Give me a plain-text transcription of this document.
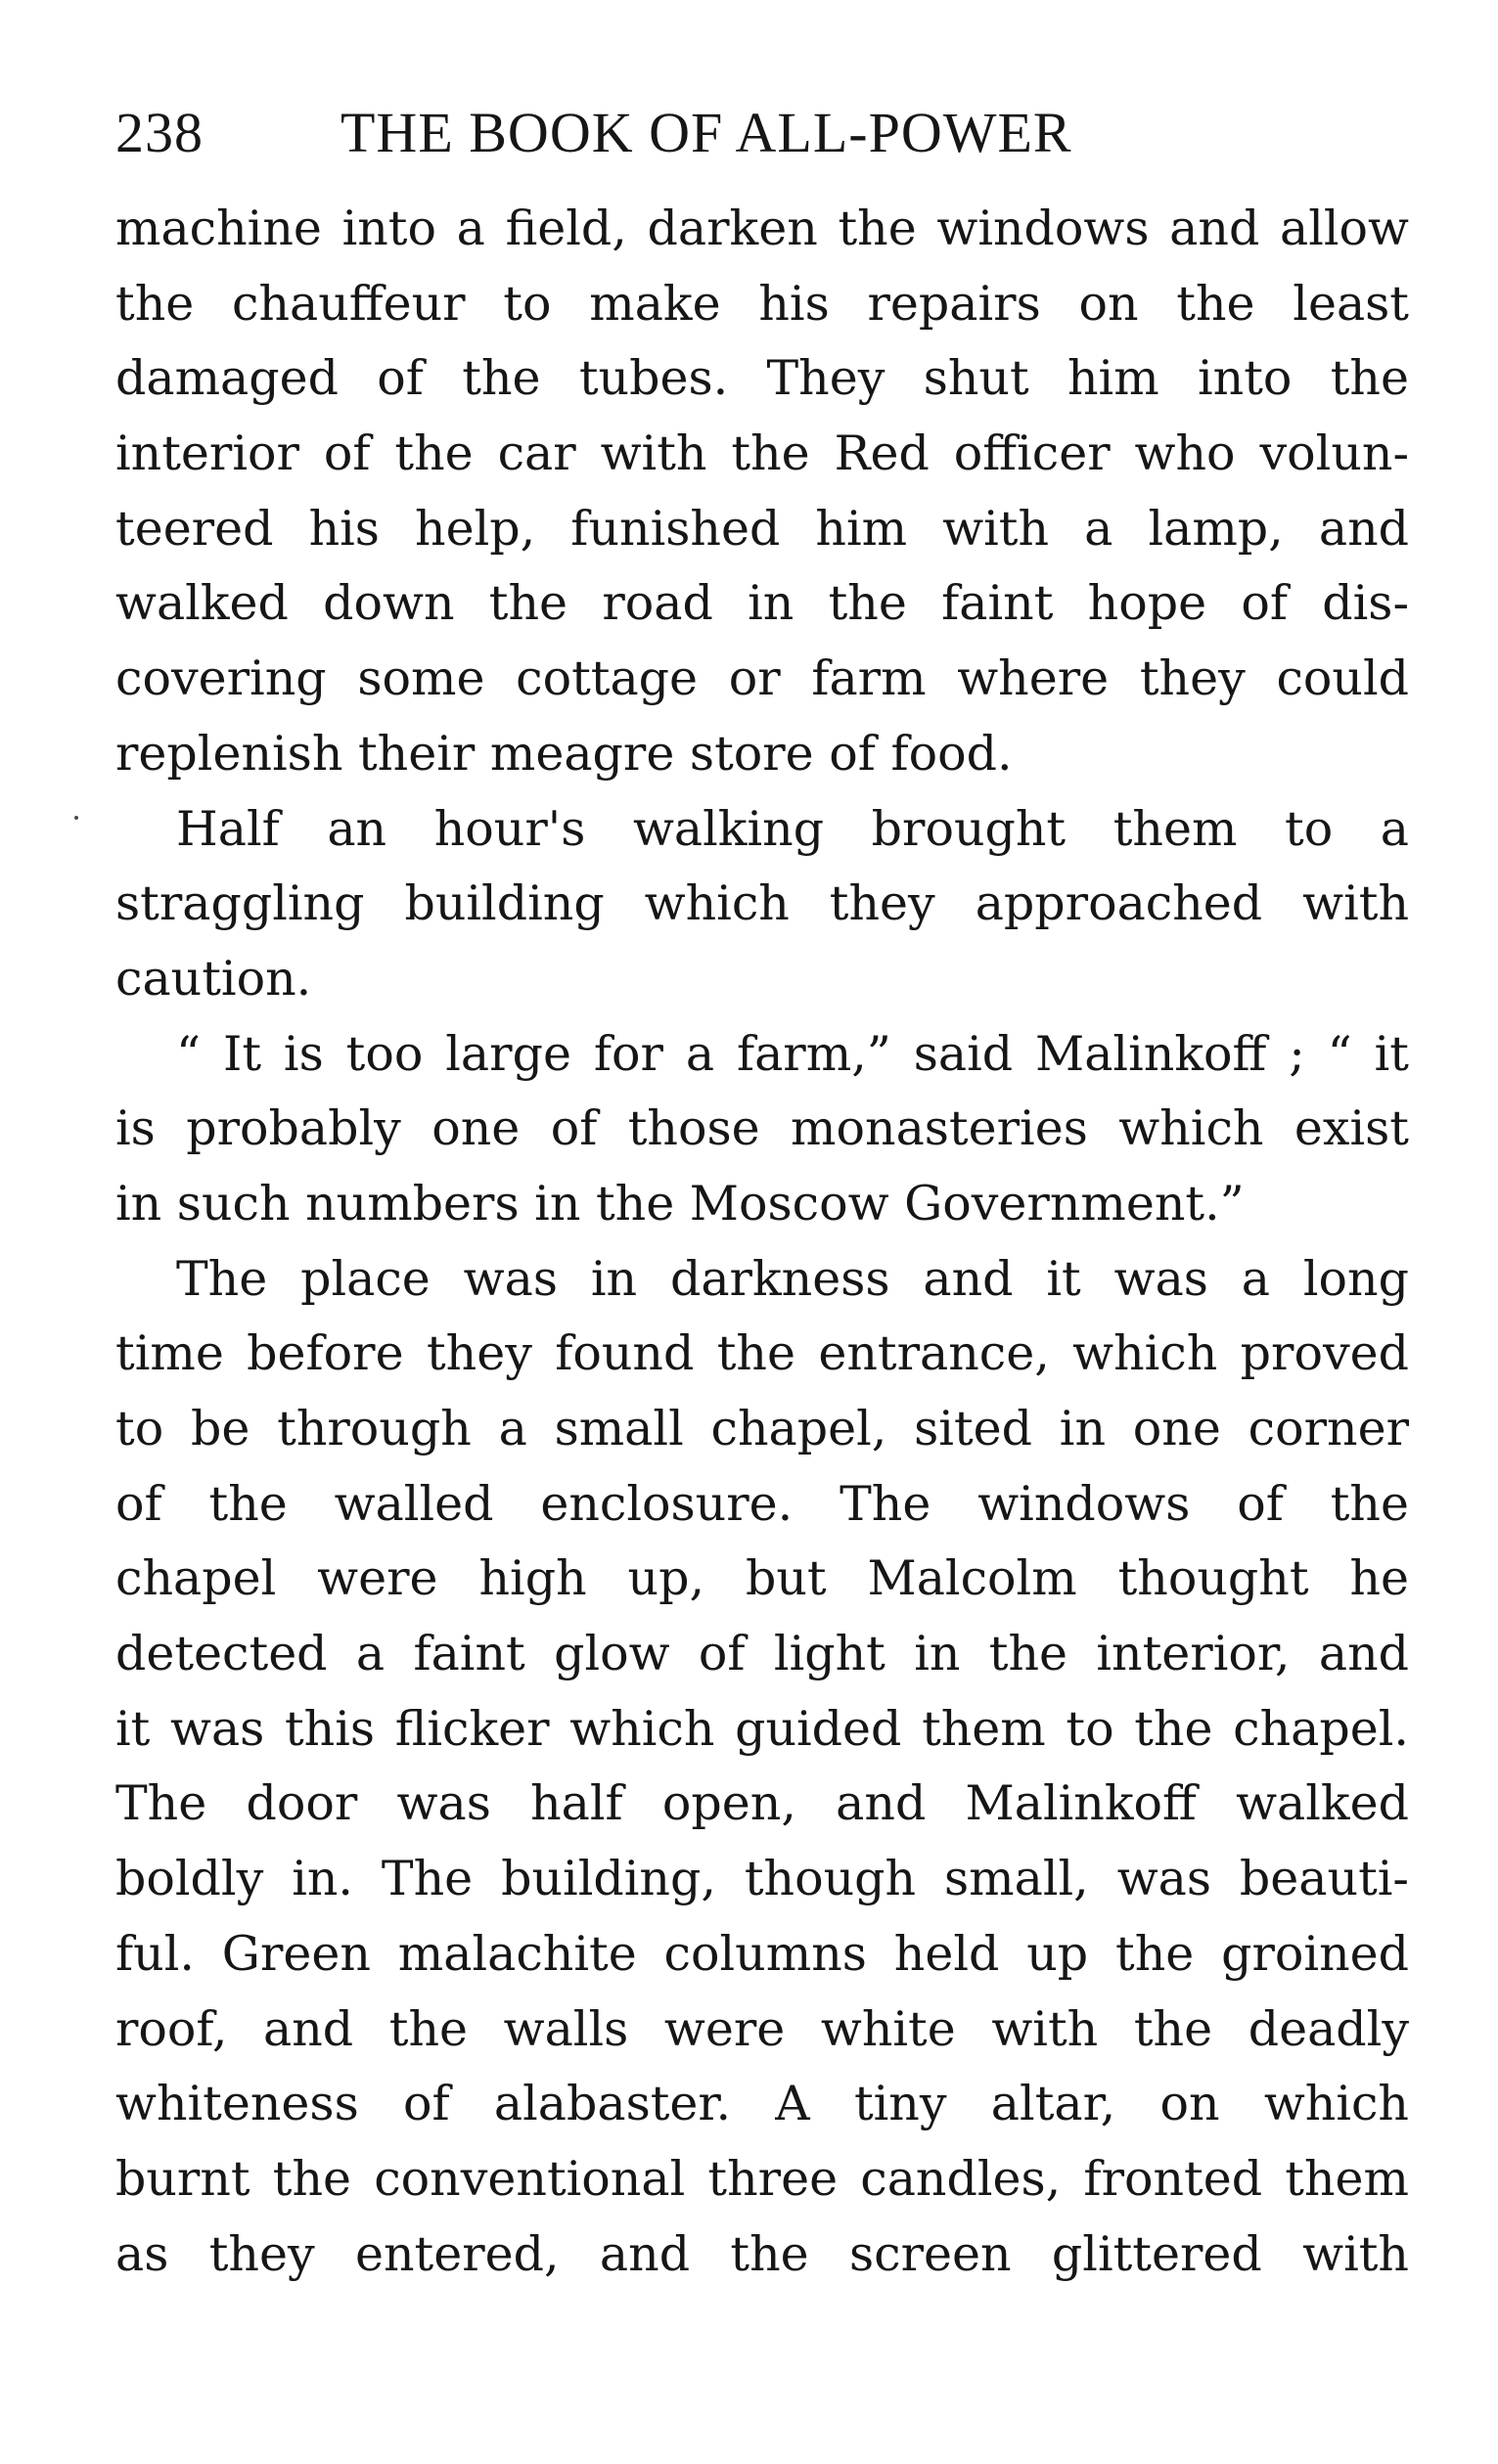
238 THE BOOK OF ALL-POWER
machine into a field, darken the windows and allow
the chauffeur to make his repairs on the least
damaged of the tubes. They shut him into the
interior of the car with the Red officer who volun-
teered his help, funished him with a lamp, and
walked down the road in the faint hope of dis-
covering some cottage or farm where they could
replenish their meagre store of food.
Half an hour's walking brought them to a
straggling building which they approached with
caution.
“ It is too large for a farm,” said Malinkoff ; “ it
is probably one of those monasteries which exist
in such numbers in the Moscow Government.”
The place was in darkness and it was a long
time before they found the entrance, which proved
to be through a small chapel, sited in one corner
of the walled enclosure. The windows of the
chapel were high up, but Malcolm thought he
detected a faint glow of light in the interior, and
it was this flicker which guided them to the chapel.
The door was half open, and Malinkoff walked
boldly in. The building, though small, was beauti-
ful. Green malachite columns held up the groined
roof, and the walls were white with the deadly
whiteness of alabaster. A tiny altar, on which
burnt the conventional three candles, fronted them
as they entered, and the screen glittered with
